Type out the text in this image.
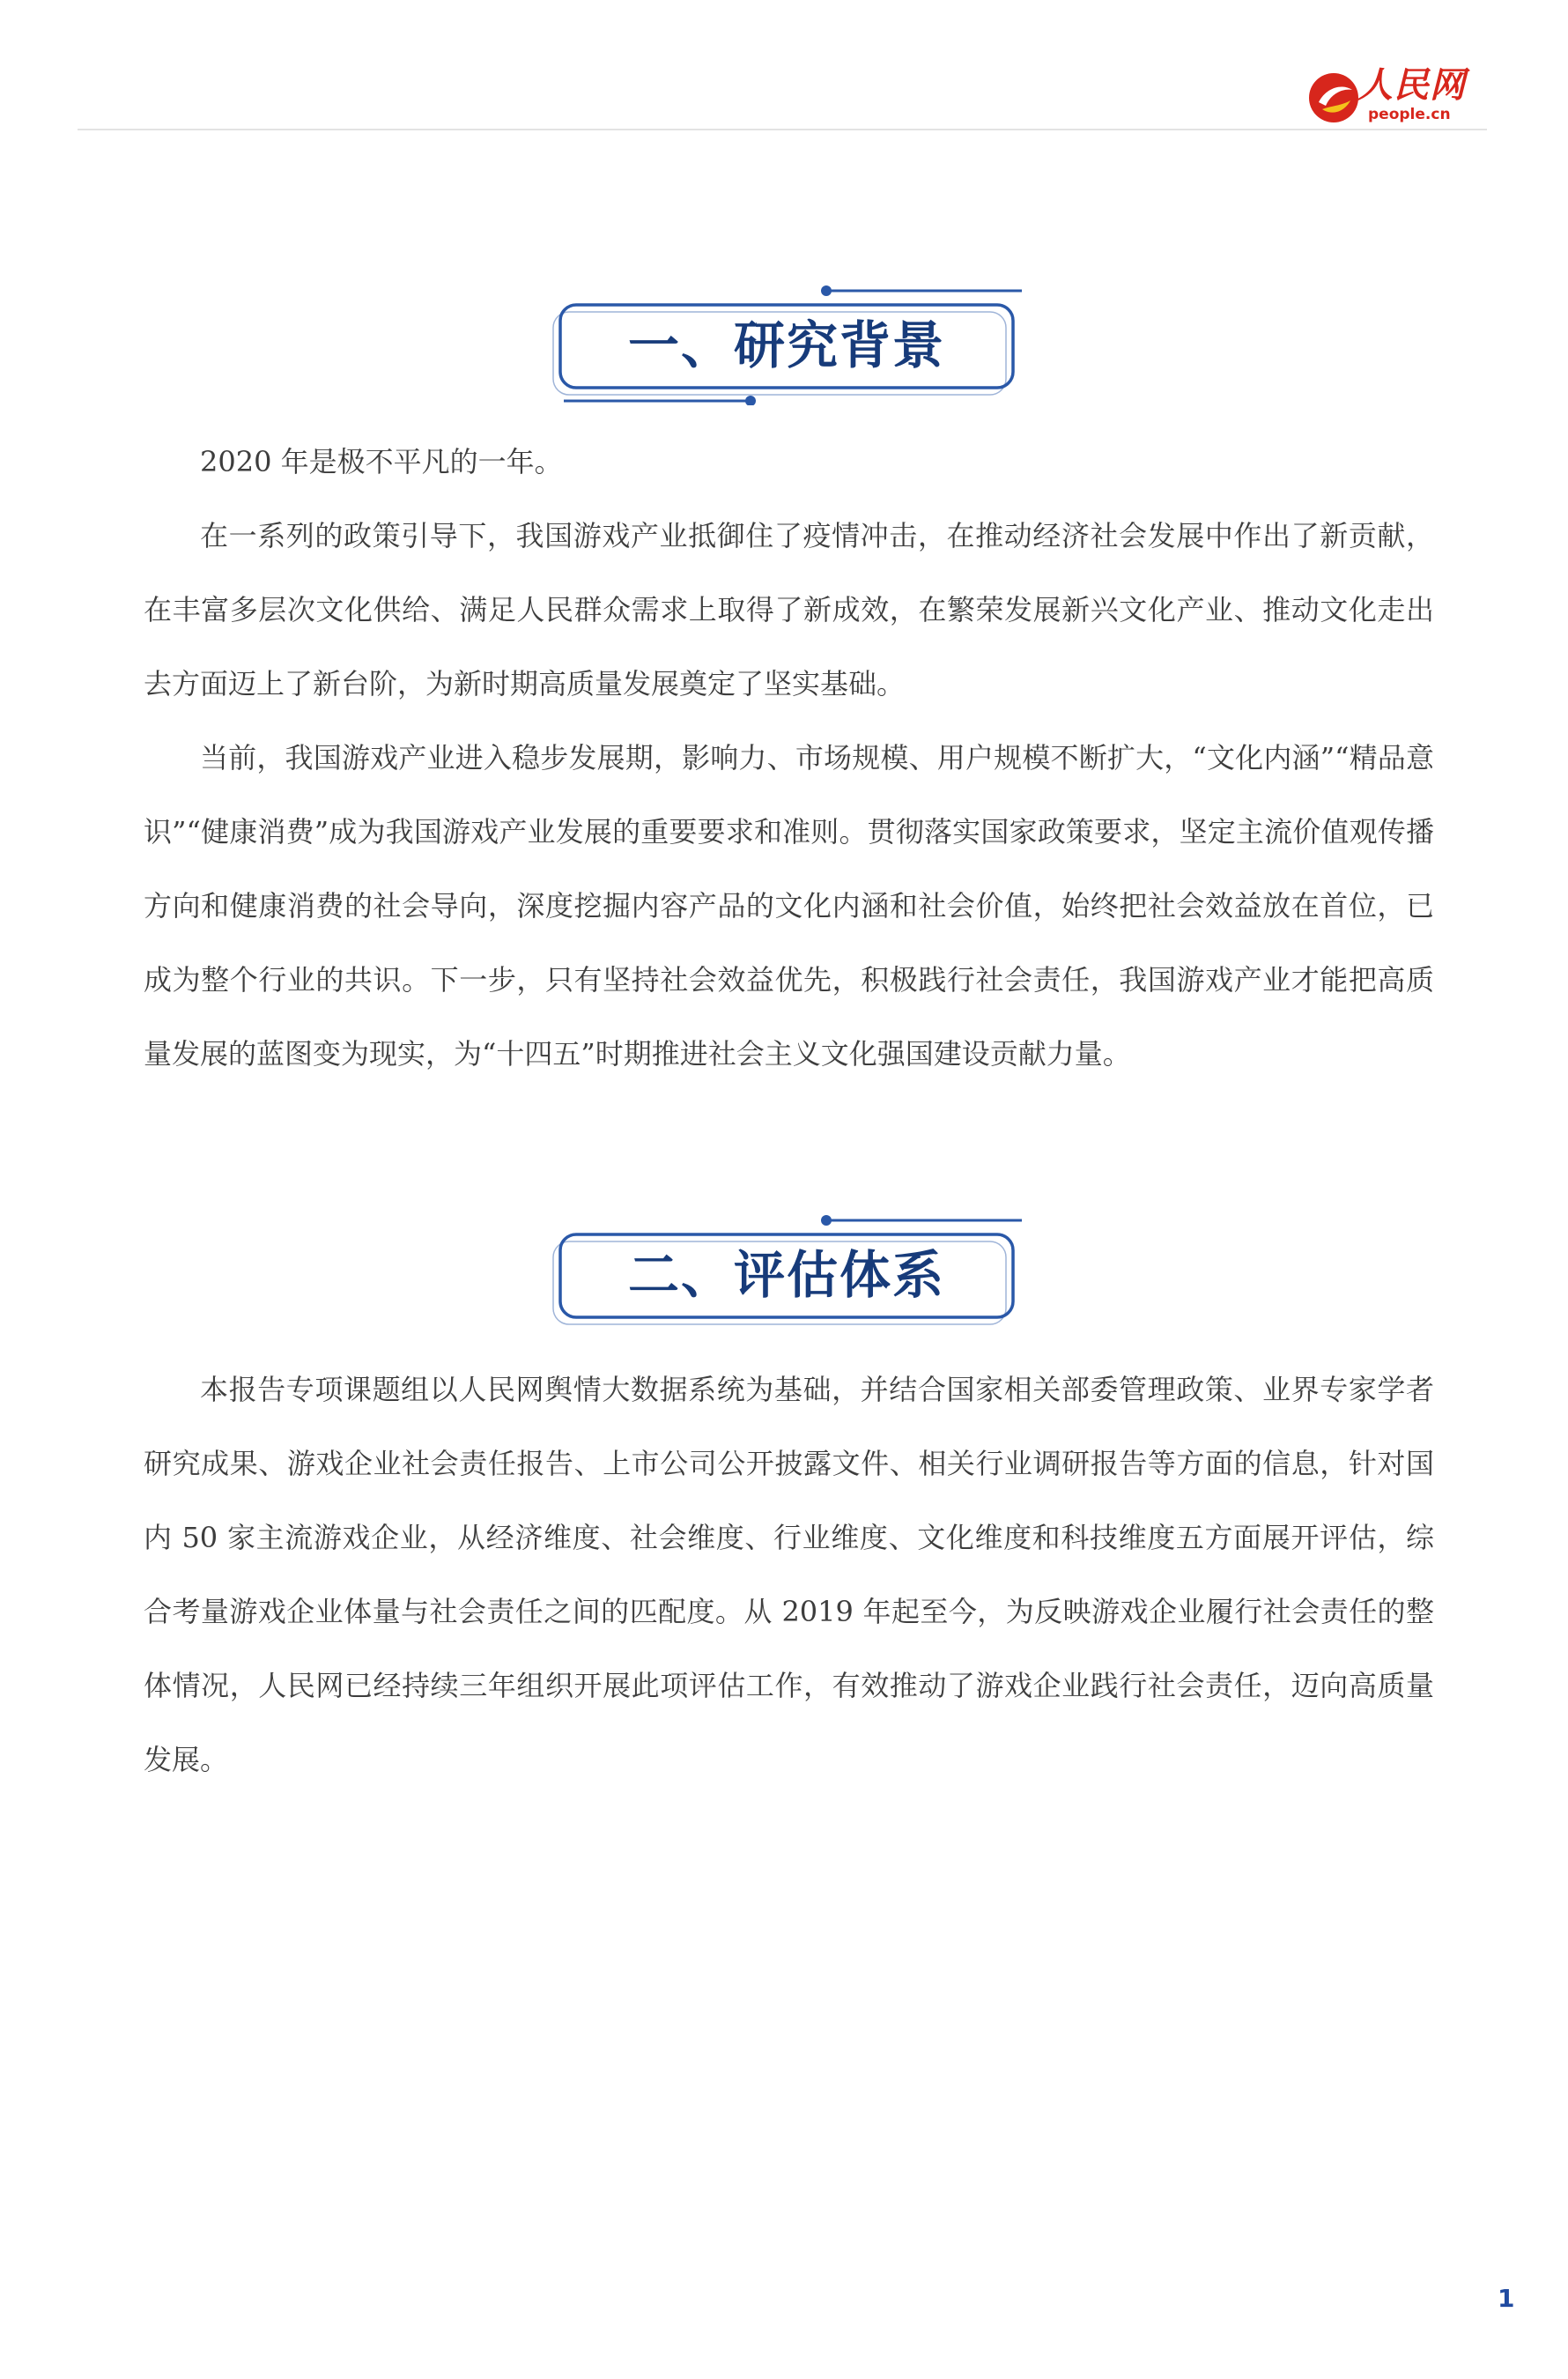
人民网
people.cn
一、研究背景

2020 年是极不平凡的一年。

在一系列的政策引导下，我国游戏产业抵御住了疫情冲击，在推动经济社会发展中作出了新贡献，在丰富多层次文化供给、满足人民群众需求上取得了新成效，在繁荣发展新兴文化产业、推动文化走出去方面迈上了新台阶，为新时期高质量发展奠定了坚实基础。

当前，我国游戏产业进入稳步发展期，影响力、市场规模、用户规模不断扩大，“文化内涵”“精品意识”“健康消费”成为我国游戏产业发展的重要要求和准则。贯彻落实国家政策要求，坚定主流价值观传播方向和健康消费的社会导向，深度挖掘内容产品的文化内涵和社会价值，始终把社会效益放在首位，已成为整个行业的共识。下一步，只有坚持社会效益优先，积极践行社会责任，我国游戏产业才能把高质量发展的蓝图变为现实，为“十四五”时期推进社会主义文化强国建设贡献力量。

二、评估体系

本报告专项课题组以人民网舆情大数据系统为基础，并结合国家相关部委管理政策、业界专家学者研究成果、游戏企业社会责任报告、上市公司公开披露文件、相关行业调研报告等方面的信息，针对国内 50 家主流游戏企业，从经济维度、社会维度、行业维度、文化维度和科技维度五方面展开评估，综合考量游戏企业体量与社会责任之间的匹配度。从 2019 年起至今，为反映游戏企业履行社会责任的整体情况，人民网已经持续三年组织开展此项评估工作，有效推动了游戏企业践行社会责任，迈向高质量发展。

1
